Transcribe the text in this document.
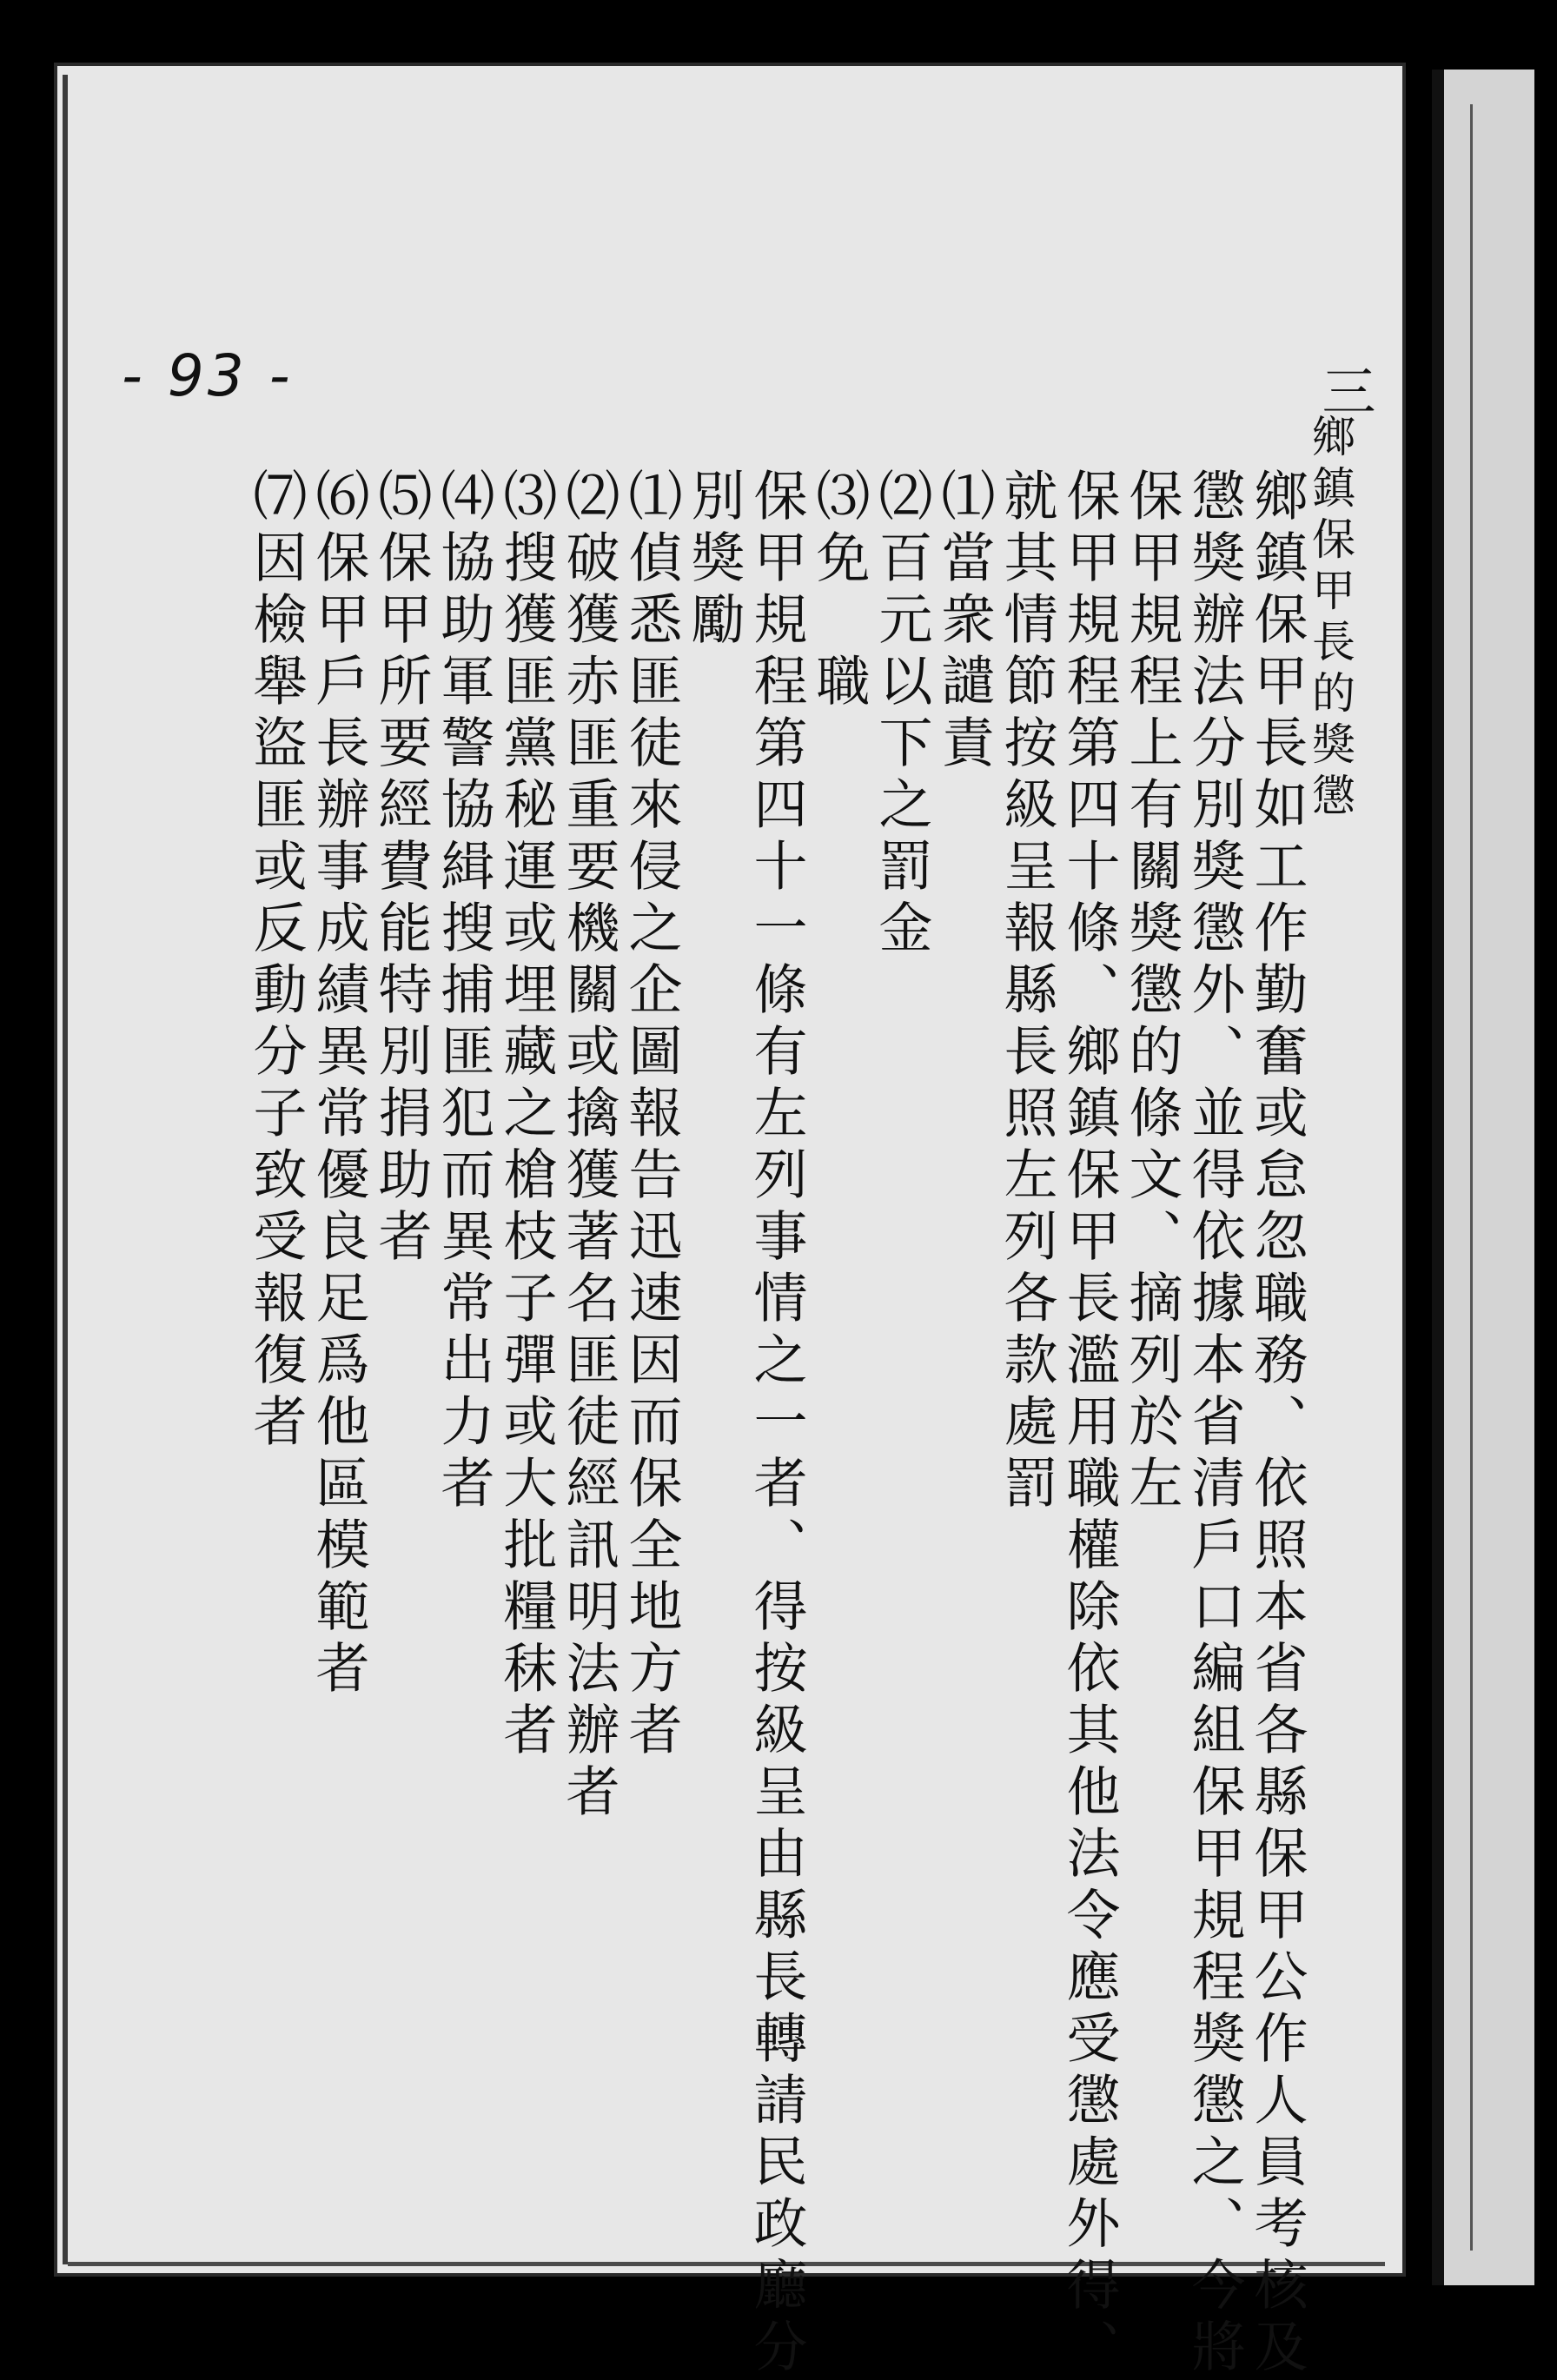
- 93 -	三
鄉鎮保甲長的獎懲
鄉鎮保甲長如工作勤奮或怠忽職務、依照本省各縣保甲公作人員考核及
懲獎辦法分別獎懲外、並得依據本省清戶口編組保甲規程獎懲之、今將
保甲規程上有關獎懲的條文、摘列於左
保甲規程第四十條、鄉鎮保甲長濫用職權除依其他法令應受懲處外得、
就其情節按級呈報縣長照左列各款處罰
⑴當衆譴責
⑵百元以下之罰金
⑶免　職
保甲規程第四十一條有左列事情之一者、得按級呈由縣長轉請民政廳分
別獎勵
⑴偵悉匪徒來侵之企圖報告迅速因而保全地方者
⑵破獲赤匪重要機關或擒獲著名匪徒經訊明法辦者
⑶搜獲匪黨秘運或埋藏之槍枝子彈或大批糧秣者
⑷協助軍警協緝搜捕匪犯而異常出力者
⑸保甲所要經費能特別捐助者
⑹保甲戶長辦事成績異常優良足爲他區模範者
⑺因檢舉盜匪或反動分子致受報復者
